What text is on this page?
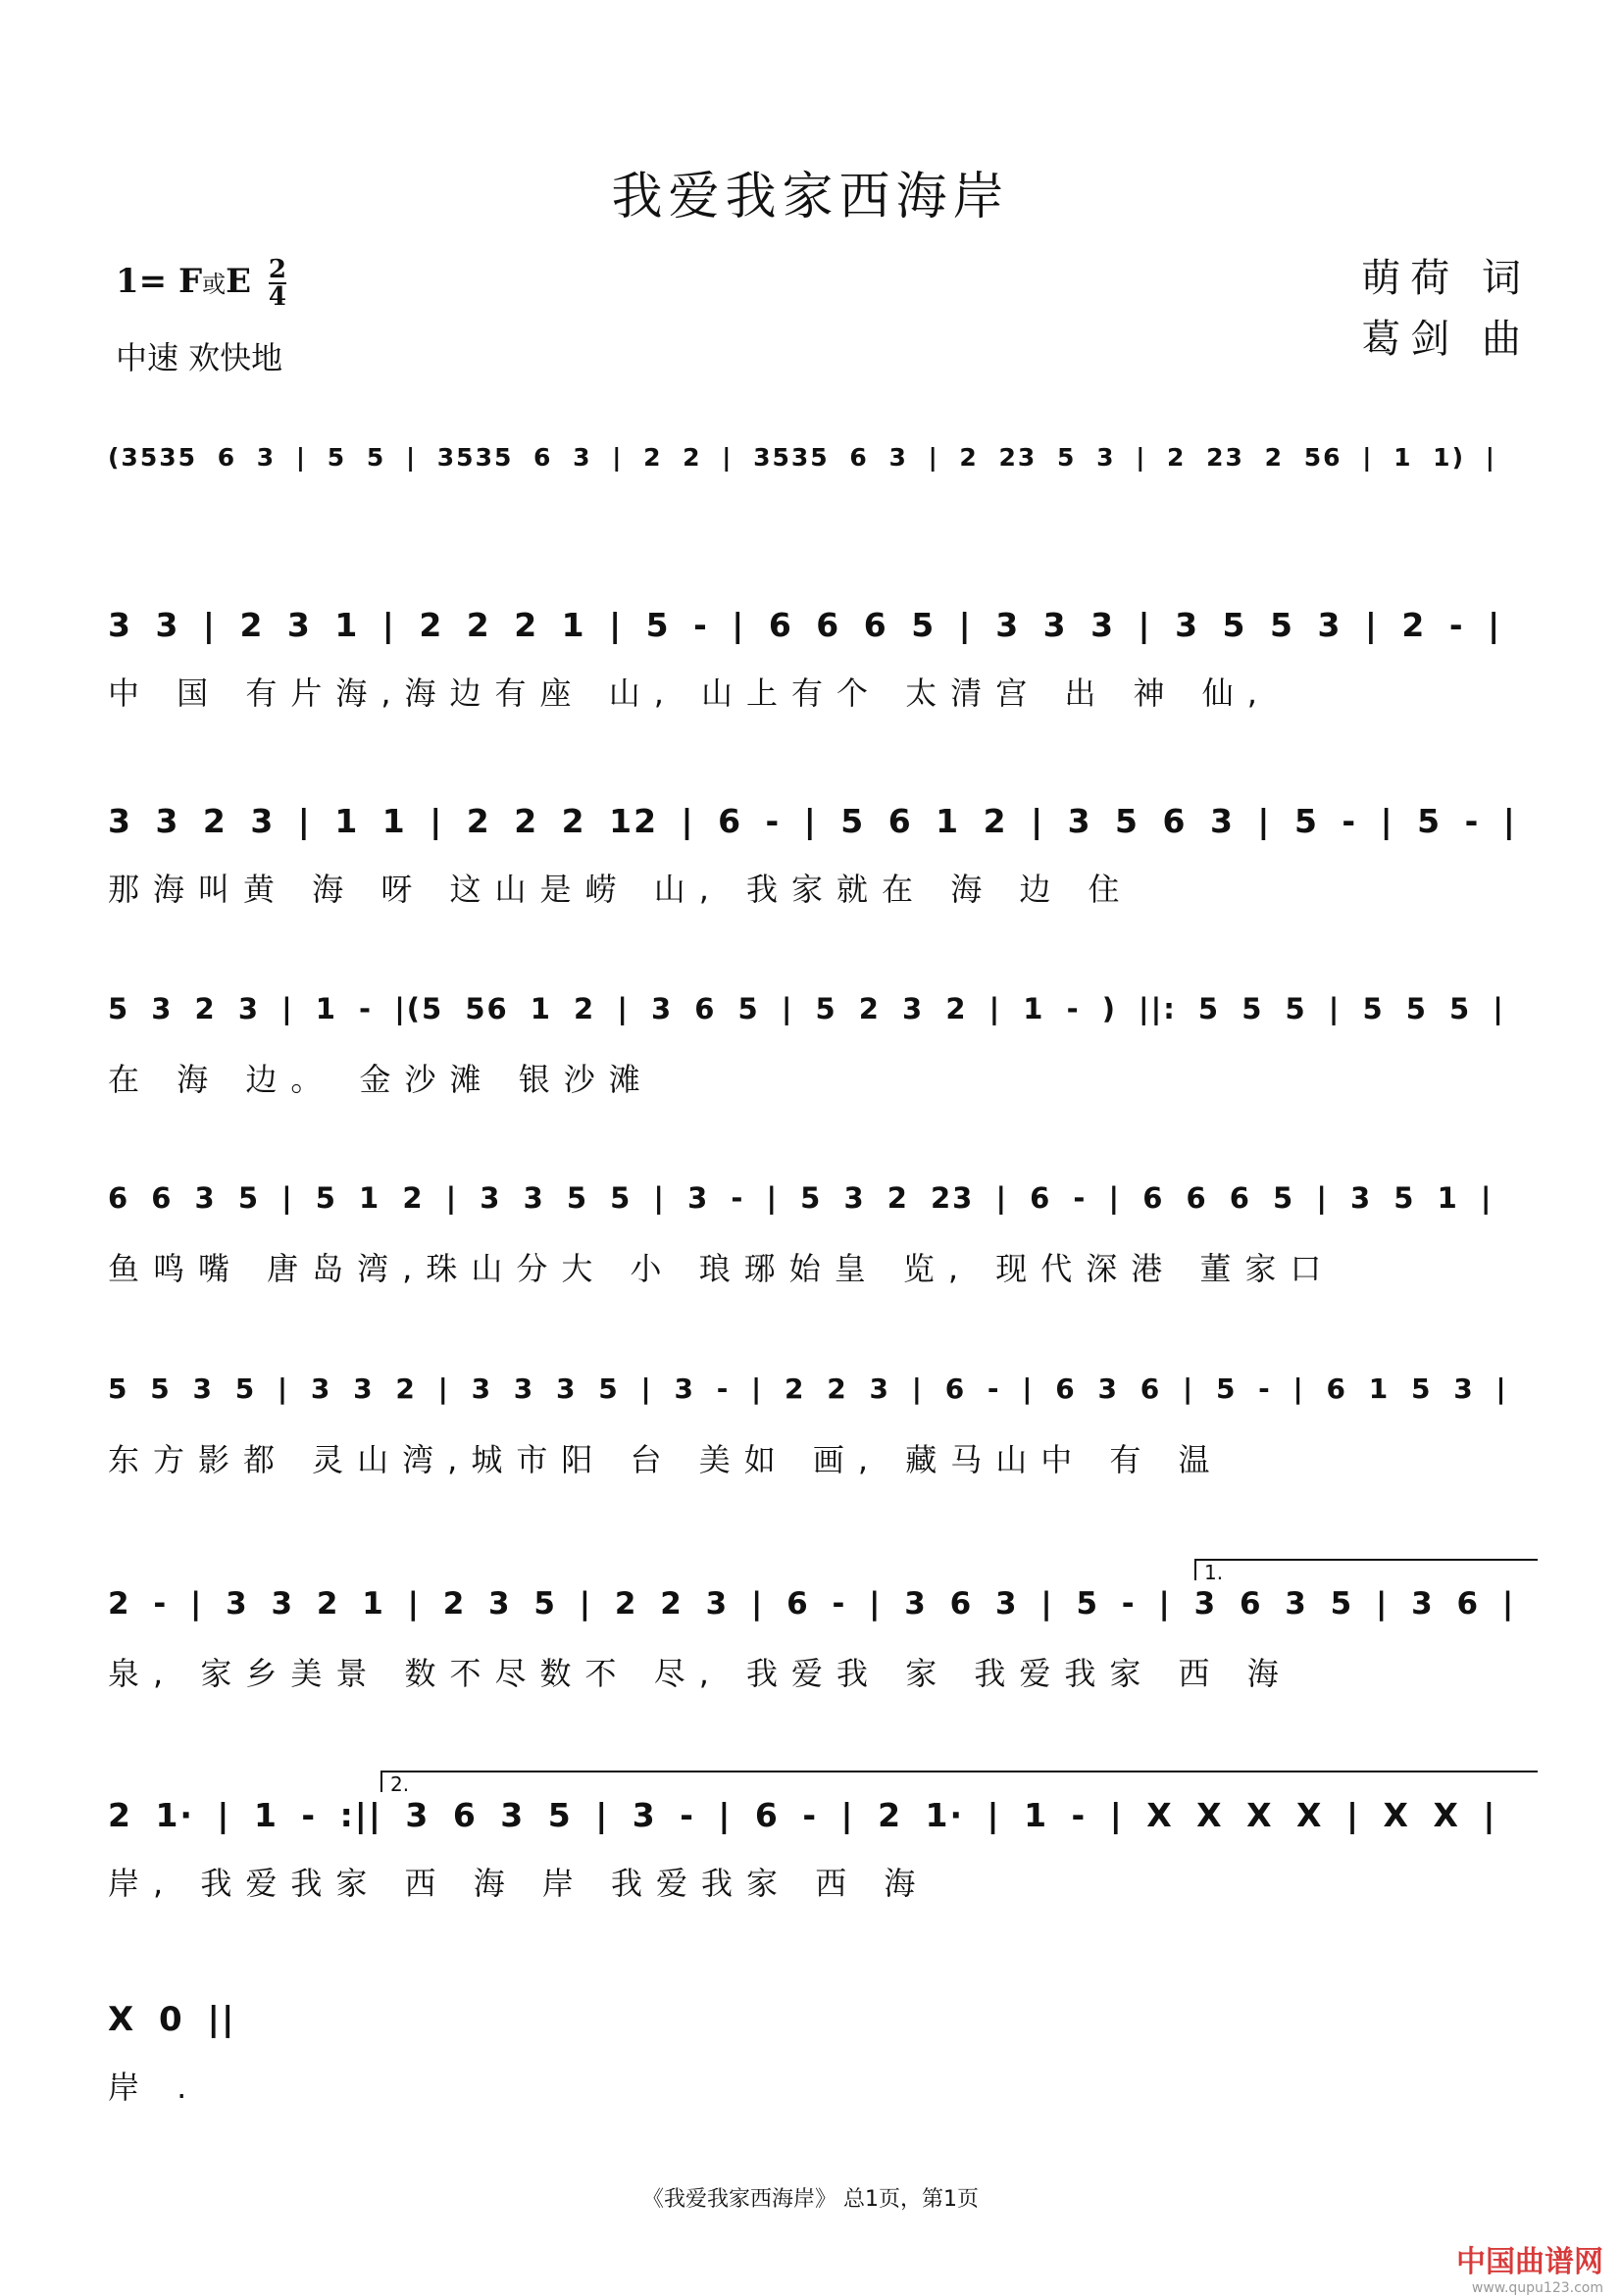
我爱我家西海岸
1= F或E $\frac{2}{4}$
中速 欢快地
萌荷 词
葛剑 曲
(3535 6 3 | 5 5 | 3535 6 3 | 2 2 | 3535 6 3 | 2 23 5 3 | 2 23 2 56 | 1 1) |
3 3 | 2 3 1 | 2 2 2 1 | 5 - | 6 6 6 5 | 3 3 3 | 3 5 5 3 | 2 - |
中 国 有片海,海边有座 山, 山上有个 太清宫 出 神 仙,
3 3 2 3 | 1 1 | 2 2 2 12 | 6 - | 5 6 1 2 | 3 5 6 3 | 5 - | 5 - |
那海叫黄 海 呀 这山是崂 山, 我家就在 海 边 住
5 3 2 3 | 1 - |(5 56 1 2 | 3 6 5 | 5 2 3 2 | 1 - ) ||: 5 5 5 | 5 5 5 |
在 海 边。 金沙滩 银沙滩
6 6 3 5 | 5 1 2 | 3 3 5 5 | 3 - | 5 3 2 23 | 6 - | 6 6 6 5 | 3 5 1 |
鱼鸣嘴 唐岛湾,珠山分大 小 琅琊始皇 览, 现代深港 董家口
5 5 3 5 | 3 3 2 | 3 3 3 5 | 3 - | 2 2 3 | 6 - | 6 3 6 | 5 - | 6 1 5 3 |
东方影都 灵山湾,城市阳 台 美如 画, 藏马山中 有 温
2 - | 3 3 2 1 | 2 3 5 | 2 2 3 | 6 - | 3 6 3 | 5 - | 3 6 3 5 | 3 6 |
泉, 家乡美景 数不尽数不 尽, 我爱我 家 我爱我家 西 海
2 1· | 1 - :|| 3 6 3 5 | 3 - | 6 - | 2 1· | 1 - | X X X X | X X |
岸, 我爱我家 西 海 岸 我爱我家 西 海
X 0 ||
岸 .
1.
2.
《我爱我家西海岸》 总1页，第1页
中国曲谱网
www.qupu123.com
